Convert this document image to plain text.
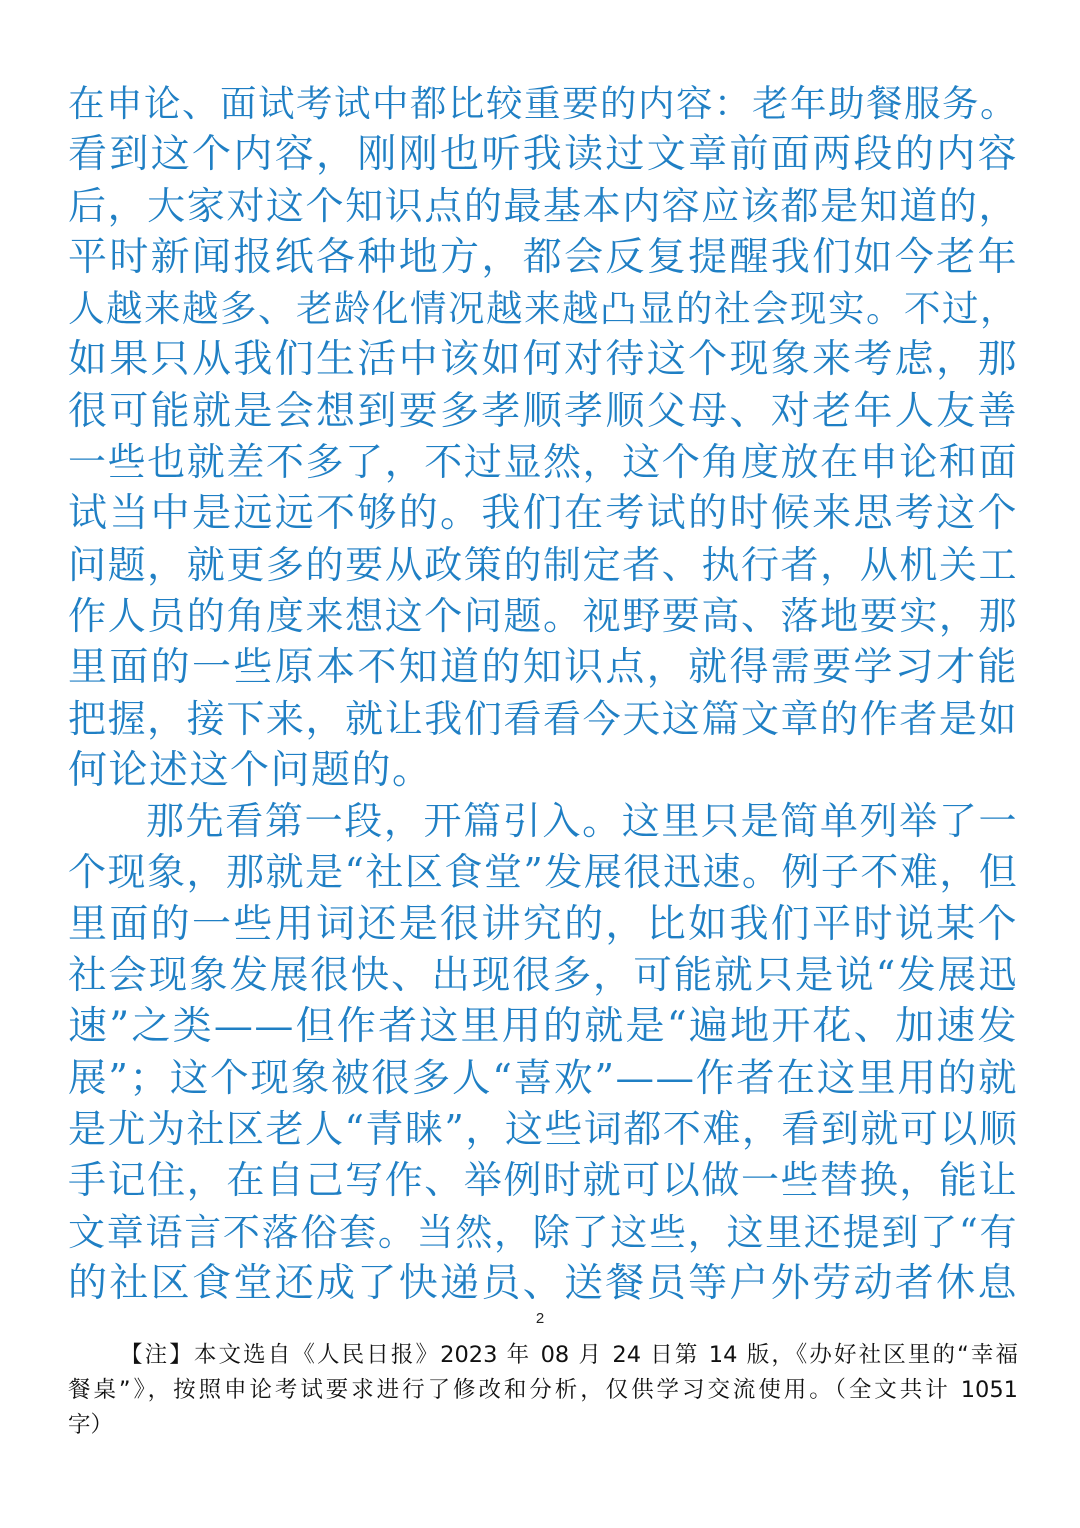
在申论、面试考试中都比较重要的内容：老年助餐服务。
看到这个内容，刚刚也听我读过文章前面两段的内容
后，大家对这个知识点的最基本内容应该都是知道的，
平时新闻报纸各种地方，都会反复提醒我们如今老年
人越来越多、老龄化情况越来越凸显的社会现实。不过，
如果只从我们生活中该如何对待这个现象来考虑，那
很可能就是会想到要多孝顺孝顺父母、对老年人友善
一些也就差不多了，不过显然，这个角度放在申论和面
试当中是远远不够的。我们在考试的时候来思考这个
问题，就更多的要从政策的制定者、执行者，从机关工
作人员的角度来想这个问题。视野要高、落地要实，那
里面的一些原本不知道的知识点，就得需要学习才能
把握，接下来，就让我们看看今天这篇文章的作者是如
何论述这个问题的。
那先看第一段，开篇引入。这里只是简单列举了一
个现象，那就是“社区食堂”发展很迅速。例子不难，但
里面的一些用词还是很讲究的，比如我们平时说某个
社会现象发展很快、出现很多，可能就只是说“发展迅
速”之类——但作者这里用的就是“遍地开花、加速发
展”；这个现象被很多人“喜欢”——作者在这里用的就
是尤为社区老人“青睐”，这些词都不难，看到就可以顺
手记住，在自己写作、举例时就可以做一些替换，能让
文章语言不落俗套。当然，除了这些，这里还提到了“有
的社区食堂还成了快递员、送餐员等户外劳动者休息
2
【注】本文选自《人民日报》2023 年 08 月 24 日第 14 版，《办好社区里的“幸福
餐桌”》，按照申论考试要求进行了修改和分析，仅供学习交流使用。（全文共计 1051
字）
